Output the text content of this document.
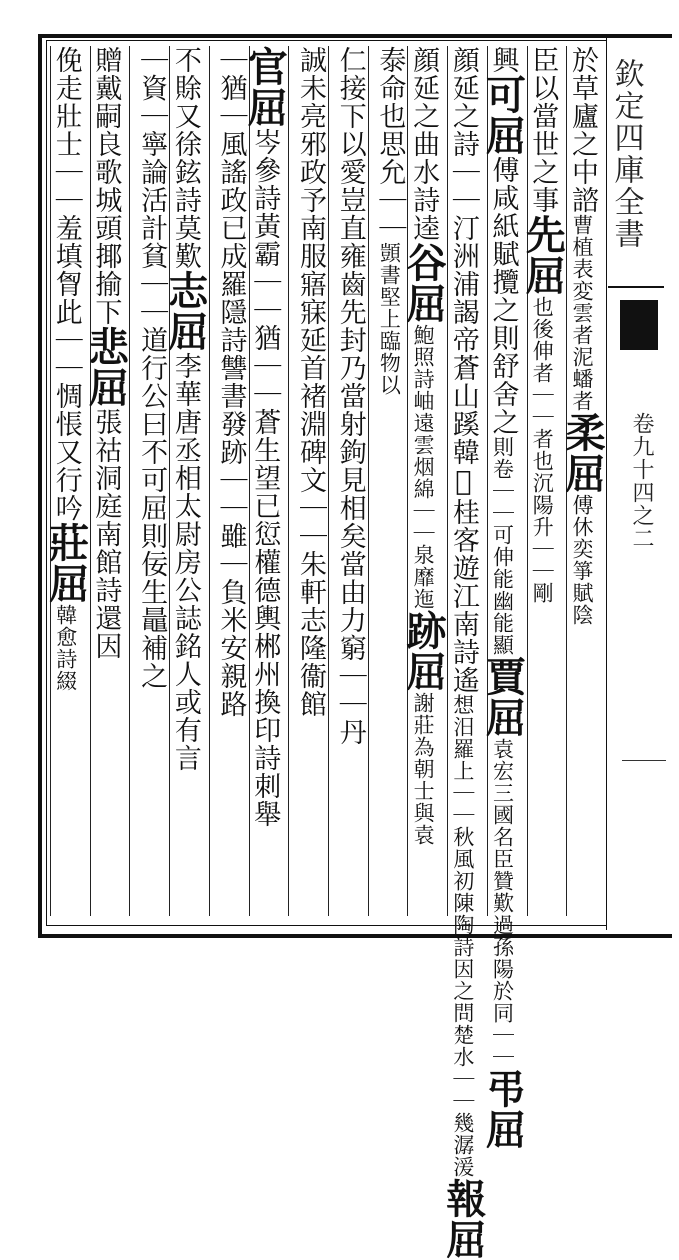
欽定四庫全書
卷九十四之二
於草廬之中諮曹植表変雲者泥蟠者柔屈傅休奕箏賦陰
臣以當世之事先屈也後伸者｜｜者也沉陽升｜｜剛
興可屈傅咸紙賦攬之則舒舍之則卷｜｜可伸能幽能顯賈屈袁宏三國名臣贊歎過孫陽於同｜｜弔屈
顔延之詩｜｜汀洲浦謁帝蒼山蹊韓𣗥桂客遊江南詩遙想汨羅上｜｜秋風初陳陶詩因之問楚水｜｜幾潺湲報屈
顔延之曲水詩逵谷屈鮑照詩岫遠雲烟綿｜｜泉靡迤跡屈謝莊為朝士與袁
泰命也思允｜｜顗書堅上臨物以
仁接下以愛豈直雍齒先封乃當射鉤見相矣當由力窮｜｜丹
誠未亮邪政予南服寤寐延首褚淵碑文｜｜朱軒志隆衞館
官屈岑參詩黃霸｜｜猶｜｜蒼生望已愆權德輿郴州換印詩刺舉
｜猶｜風謠政已成羅隱詩讐書發跡｜｜雖｜負米安親路
不賖又徐鉉詩莫歎志屈李華唐丞相太尉房公誌銘人或有言
｜資｜寧論活計貧｜｜道行公曰不可屈則佞生鼂補之
贈戴嗣良歌城頭揶揄下悲屈張祜洞庭南館詩還因
俛走壯士｜｜羞填胷此｜｜惆悵又行吟莊屈韓愈詩綴
